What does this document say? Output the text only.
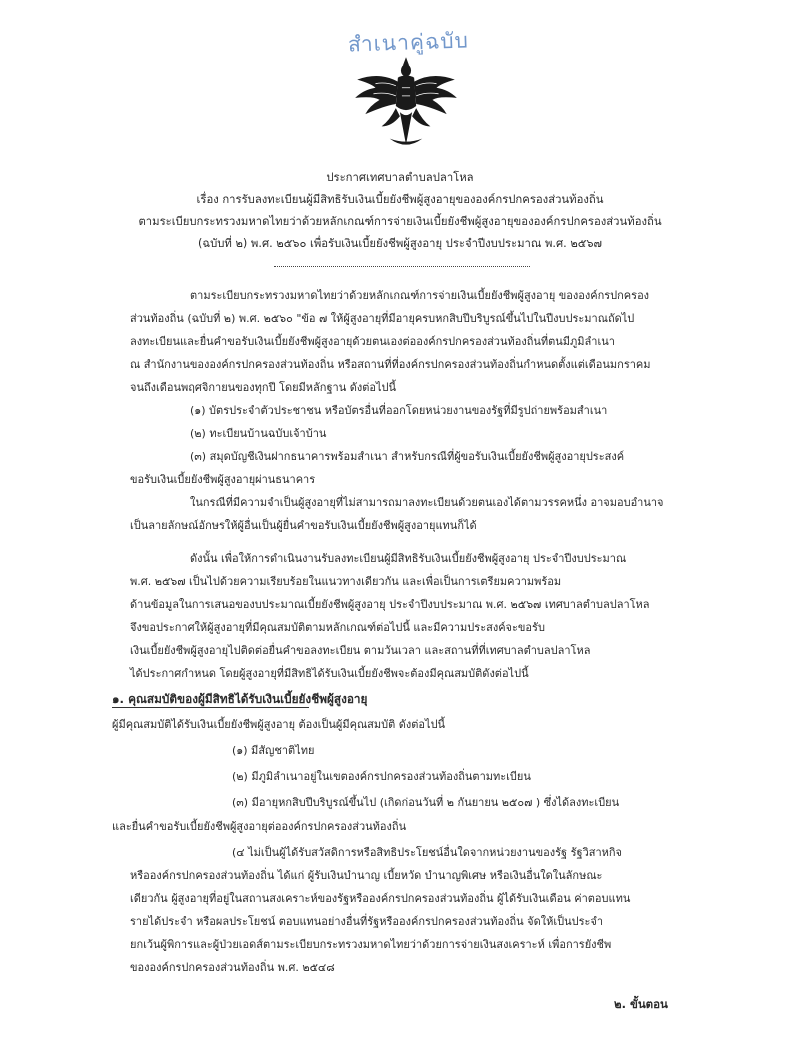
สำเนาคู่ฉบับ
ประกาศเทศบาลตำบลปลาโหล
เรื่อง การรับลงทะเบียนผู้มีสิทธิรับเงินเบี้ยยังชีพผู้สูงอายุขององค์กรปกครองส่วนท้องถิ่น
ตามระเบียบกระทรวงมหาดไทยว่าด้วยหลักเกณฑ์การจ่ายเงินเบี้ยยังชีพผู้สูงอายุขององค์กรปกครองส่วนท้องถิ่น
(ฉบับที่ ๒) พ.ศ. ๒๕๖๐ เพื่อรับเงินเบี้ยยังชีพผู้สูงอายุ ประจำปีงบประมาณ พ.ศ. ๒๕๖๗
ตามระเบียบกระทรวงมหาดไทยว่าด้วยหลักเกณฑ์การจ่ายเงินเบี้ยยังชีพผู้สูงอายุ ขององค์กรปกครอง
ส่วนท้องถิ่น (ฉบับที่ ๒) พ.ศ. ๒๕๖๐ "ข้อ ๗ ให้ผู้สูงอายุที่มีอายุครบหกสิบปีบริบูรณ์ขึ้นไปในปีงบประมาณถัดไป
ลงทะเบียนและยื่นคำขอรับเงินเบี้ยยังชีพผู้สูงอายุด้วยตนเองต่อองค์กรปกครองส่วนท้องถิ่นที่ตนมีภูมิลำเนา
ณ สำนักงานขององค์กรปกครองส่วนท้องถิ่น หรือสถานที่ที่องค์กรปกครองส่วนท้องถิ่นกำหนดตั้งแต่เดือนมกราคม
จนถึงเดือนพฤศจิกายนของทุกปี โดยมีหลักฐาน ดังต่อไปนี้
(๑) บัตรประจำตัวประชาชน หรือบัตรอื่นที่ออกโดยหน่วยงานของรัฐที่มีรูปถ่ายพร้อมสำเนา
(๒) ทะเบียนบ้านฉบับเจ้าบ้าน
(๓) สมุดบัญชีเงินฝากธนาคารพร้อมสำเนา สำหรับกรณีที่ผู้ขอรับเงินเบี้ยยังชีพผู้สูงอายุประสงค์
ขอรับเงินเบี้ยยังชีพผู้สูงอายุผ่านธนาคาร
ในกรณีที่มีความจำเป็นผู้สูงอายุที่ไม่สามารถมาลงทะเบียนด้วยตนเองได้ตามวรรคหนึ่ง อาจมอบอำนาจ
เป็นลายลักษณ์อักษรให้ผู้อื่นเป็นผู้ยื่นคำขอรับเงินเบี้ยยังชีพผู้สูงอายุแทนก็ได้
ดังนั้น เพื่อให้การดำเนินงานรับลงทะเบียนผู้มีสิทธิรับเงินเบี้ยยังชีพผู้สูงอายุ ประจำปีงบประมาณ
พ.ศ. ๒๕๖๗ เป็นไปด้วยความเรียบร้อยในแนวทางเดียวกัน และเพื่อเป็นการเตรียมความพร้อม
ด้านข้อมูลในการเสนอของบประมาณเบี้ยยังชีพผู้สูงอายุ ประจำปีงบประมาณ พ.ศ. ๒๕๖๗ เทศบาลตำบลปลาโหล
จึงขอประกาศให้ผู้สูงอายุที่มีคุณสมบัติตามหลักเกณฑ์ต่อไปนี้ และมีความประสงค์จะขอรับ
เงินเบี้ยยังชีพผู้สูงอายุไปติดต่อยื่นคำขอลงทะเบียน ตามวันเวลา และสถานที่ที่เทศบาลตำบลปลาโหล
ได้ประกาศกำหนด โดยผู้สูงอายุที่มีสิทธิได้รับเงินเบี้ยยังชีพจะต้องมีคุณสมบัติดังต่อไปนี้
๑. คุณสมบัติของผู้มีสิทธิได้รับเงินเบี้ยยังชีพผู้สูงอายุ
ผู้มีคุณสมบัติได้รับเงินเบี้ยยังชีพผู้สูงอายุ ต้องเป็นผู้มีคุณสมบัติ ดังต่อไปนี้
(๑) มีสัญชาติไทย
(๒) มีภูมิลำเนาอยู่ในเขตองค์กรปกครองส่วนท้องถิ่นตามทะเบียน
(๓) มีอายุหกสิบปีบริบูรณ์ขึ้นไป (เกิดก่อนวันที่ ๒ กันยายน ๒๕๐๗ ) ซึ่งได้ลงทะเบียน
และยื่นคำขอรับเบี้ยยังชีพผู้สูงอายุต่อองค์กรปกครองส่วนท้องถิ่น
(๔ ไม่เป็นผู้ได้รับสวัสดิการหรือสิทธิประโยชน์อื่นใดจากหน่วยงานของรัฐ รัฐวิสาหกิจ
หรือองค์กรปกครองส่วนท้องถิ่น ได้แก่ ผู้รับเงินบำนาญ เบี้ยหวัด บำนาญพิเศษ หรือเงินอื่นใดในลักษณะ
เดียวกัน ผู้สูงอายุที่อยู่ในสถานสงเคราะห์ของรัฐหรือองค์กรปกครองส่วนท้องถิ่น ผู้ได้รับเงินเดือน ค่าตอบแทน
รายได้ประจำ หรือผลประโยชน์ ตอบแทนอย่างอื่นที่รัฐหรือองค์กรปกครองส่วนท้องถิ่น จัดให้เป็นประจำ
ยกเว้นผู้พิการและผู้ป่วยเอดส์ตามระเบียบกระทรวงมหาดไทยว่าด้วยการจ่ายเงินสงเคราะห์ เพื่อการยังชีพ
ขององค์กรปกครองส่วนท้องถิ่น พ.ศ. ๒๕๔๘
๒. ขั้นตอน
